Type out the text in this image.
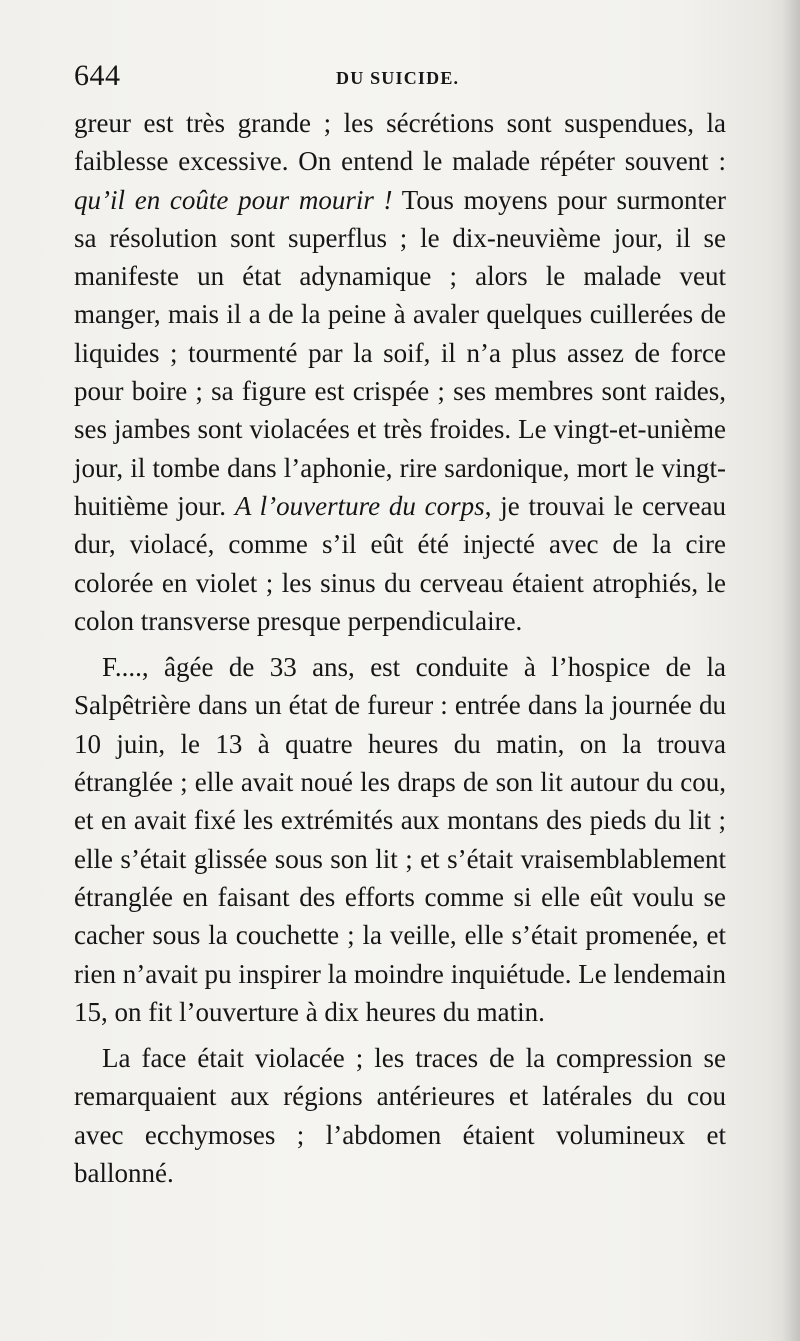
644	DU SUICIDE.

greur est très grande ; les sécrétions sont suspendues, la faiblesse excessive. On entend le malade répéter souvent : qu’il en coûte pour mourir ! Tous moyens pour surmonter sa résolution sont superflus ; le dix-neuvième jour, il se manifeste un état adynamique ; alors le malade veut manger, mais il a de la peine à avaler quelques cuillerées de liquides ; tourmenté par la soif, il n’a plus assez de force pour boire ; sa figure est crispée ; ses membres sont raides, ses jambes sont violacées et très froides. Le vingt-et-unième jour, il tombe dans l’aphonie, rire sardonique, mort le vingt-huitième jour. A l’ouverture du corps, je trouvai le cerveau dur, violacé, comme s’il eût été injecté avec de la cire colorée en violet ; les sinus du cerveau étaient atrophiés, le colon transverse presque perpendiculaire.

F...., âgée de 33 ans, est conduite à l’hospice de la Salpêtrière dans un état de fureur : entrée dans la journée du 10 juin, le 13 à quatre heures du matin, on la trouva étranglée ; elle avait noué les draps de son lit autour du cou, et en avait fixé les extrémités aux montans des pieds du lit ; elle s’était glissée sous son lit ; et s’était vraisemblablement étranglée en faisant des efforts comme si elle eût voulu se cacher sous la couchette ; la veille, elle s’était promenée, et rien n’avait pu inspirer la moindre inquiétude. Le lendemain 15, on fit l’ouverture à dix heures du matin.

La face était violacée ; les traces de la compression se remarquaient aux régions antérieures et latérales du cou avec ecchymoses ; l’abdomen étaient volumineux et ballonné.
